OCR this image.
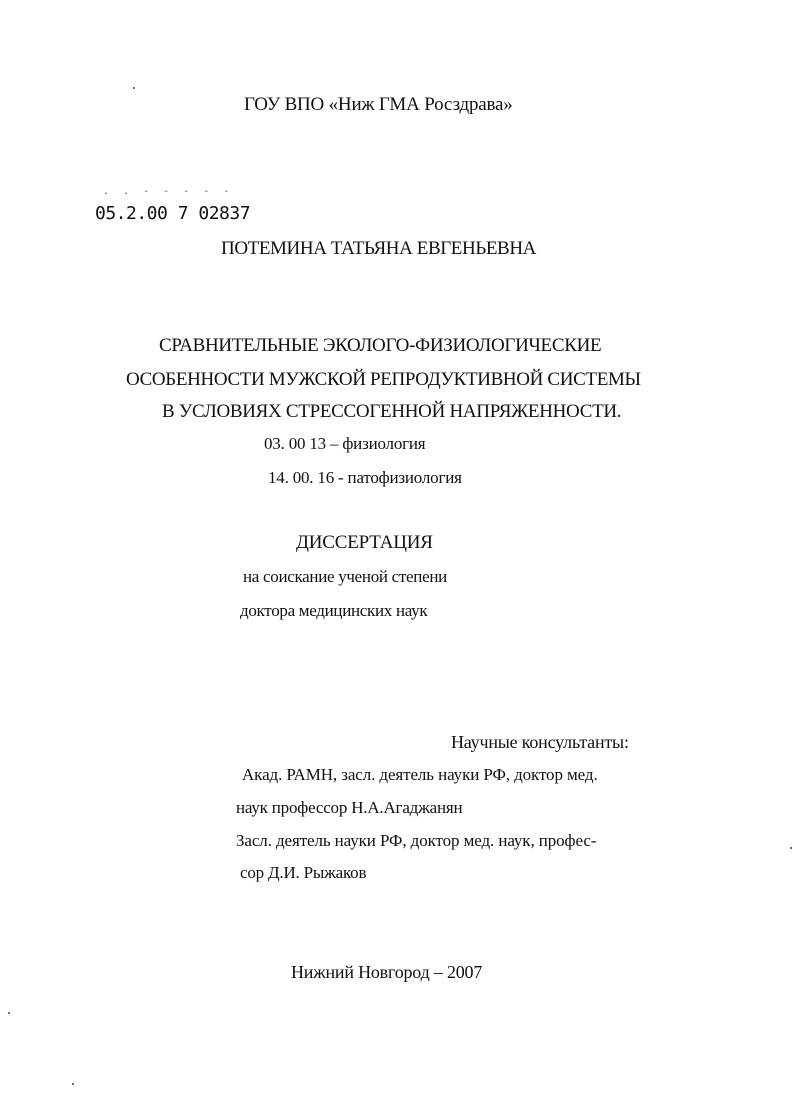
ГОУ ВПО «Ниж ГМА Росздрава»
. . - - - - -
05.2.00 7 02837
ПОТЕМИНА ТАТЬЯНА ЕВГЕНЬЕВНА
СРАВНИТЕЛЬНЫЕ ЭКОЛОГО-ФИЗИОЛОГИЧЕСКИЕ
ОСОБЕННОСТИ МУЖСКОЙ РЕПРОДУКТИВНОЙ СИСТЕМЫ
В УСЛОВИЯХ СТРЕССОГЕННОЙ НАПРЯЖЕННОСТИ.
03. 00 13 – физиология
14. 00. 16 - патофизиология
ДИССЕРТАЦИЯ
на соискание ученой степени
доктора медицинских наук
Научные консультанты:
Акад. РАМН, засл. деятель науки РФ, доктор мед.
наук профессор Н.А.Агаджанян
Засл. деятель науки РФ, доктор мед. наук, профес-
сор Д.И. Рыжаков
Нижний Новгород – 2007
